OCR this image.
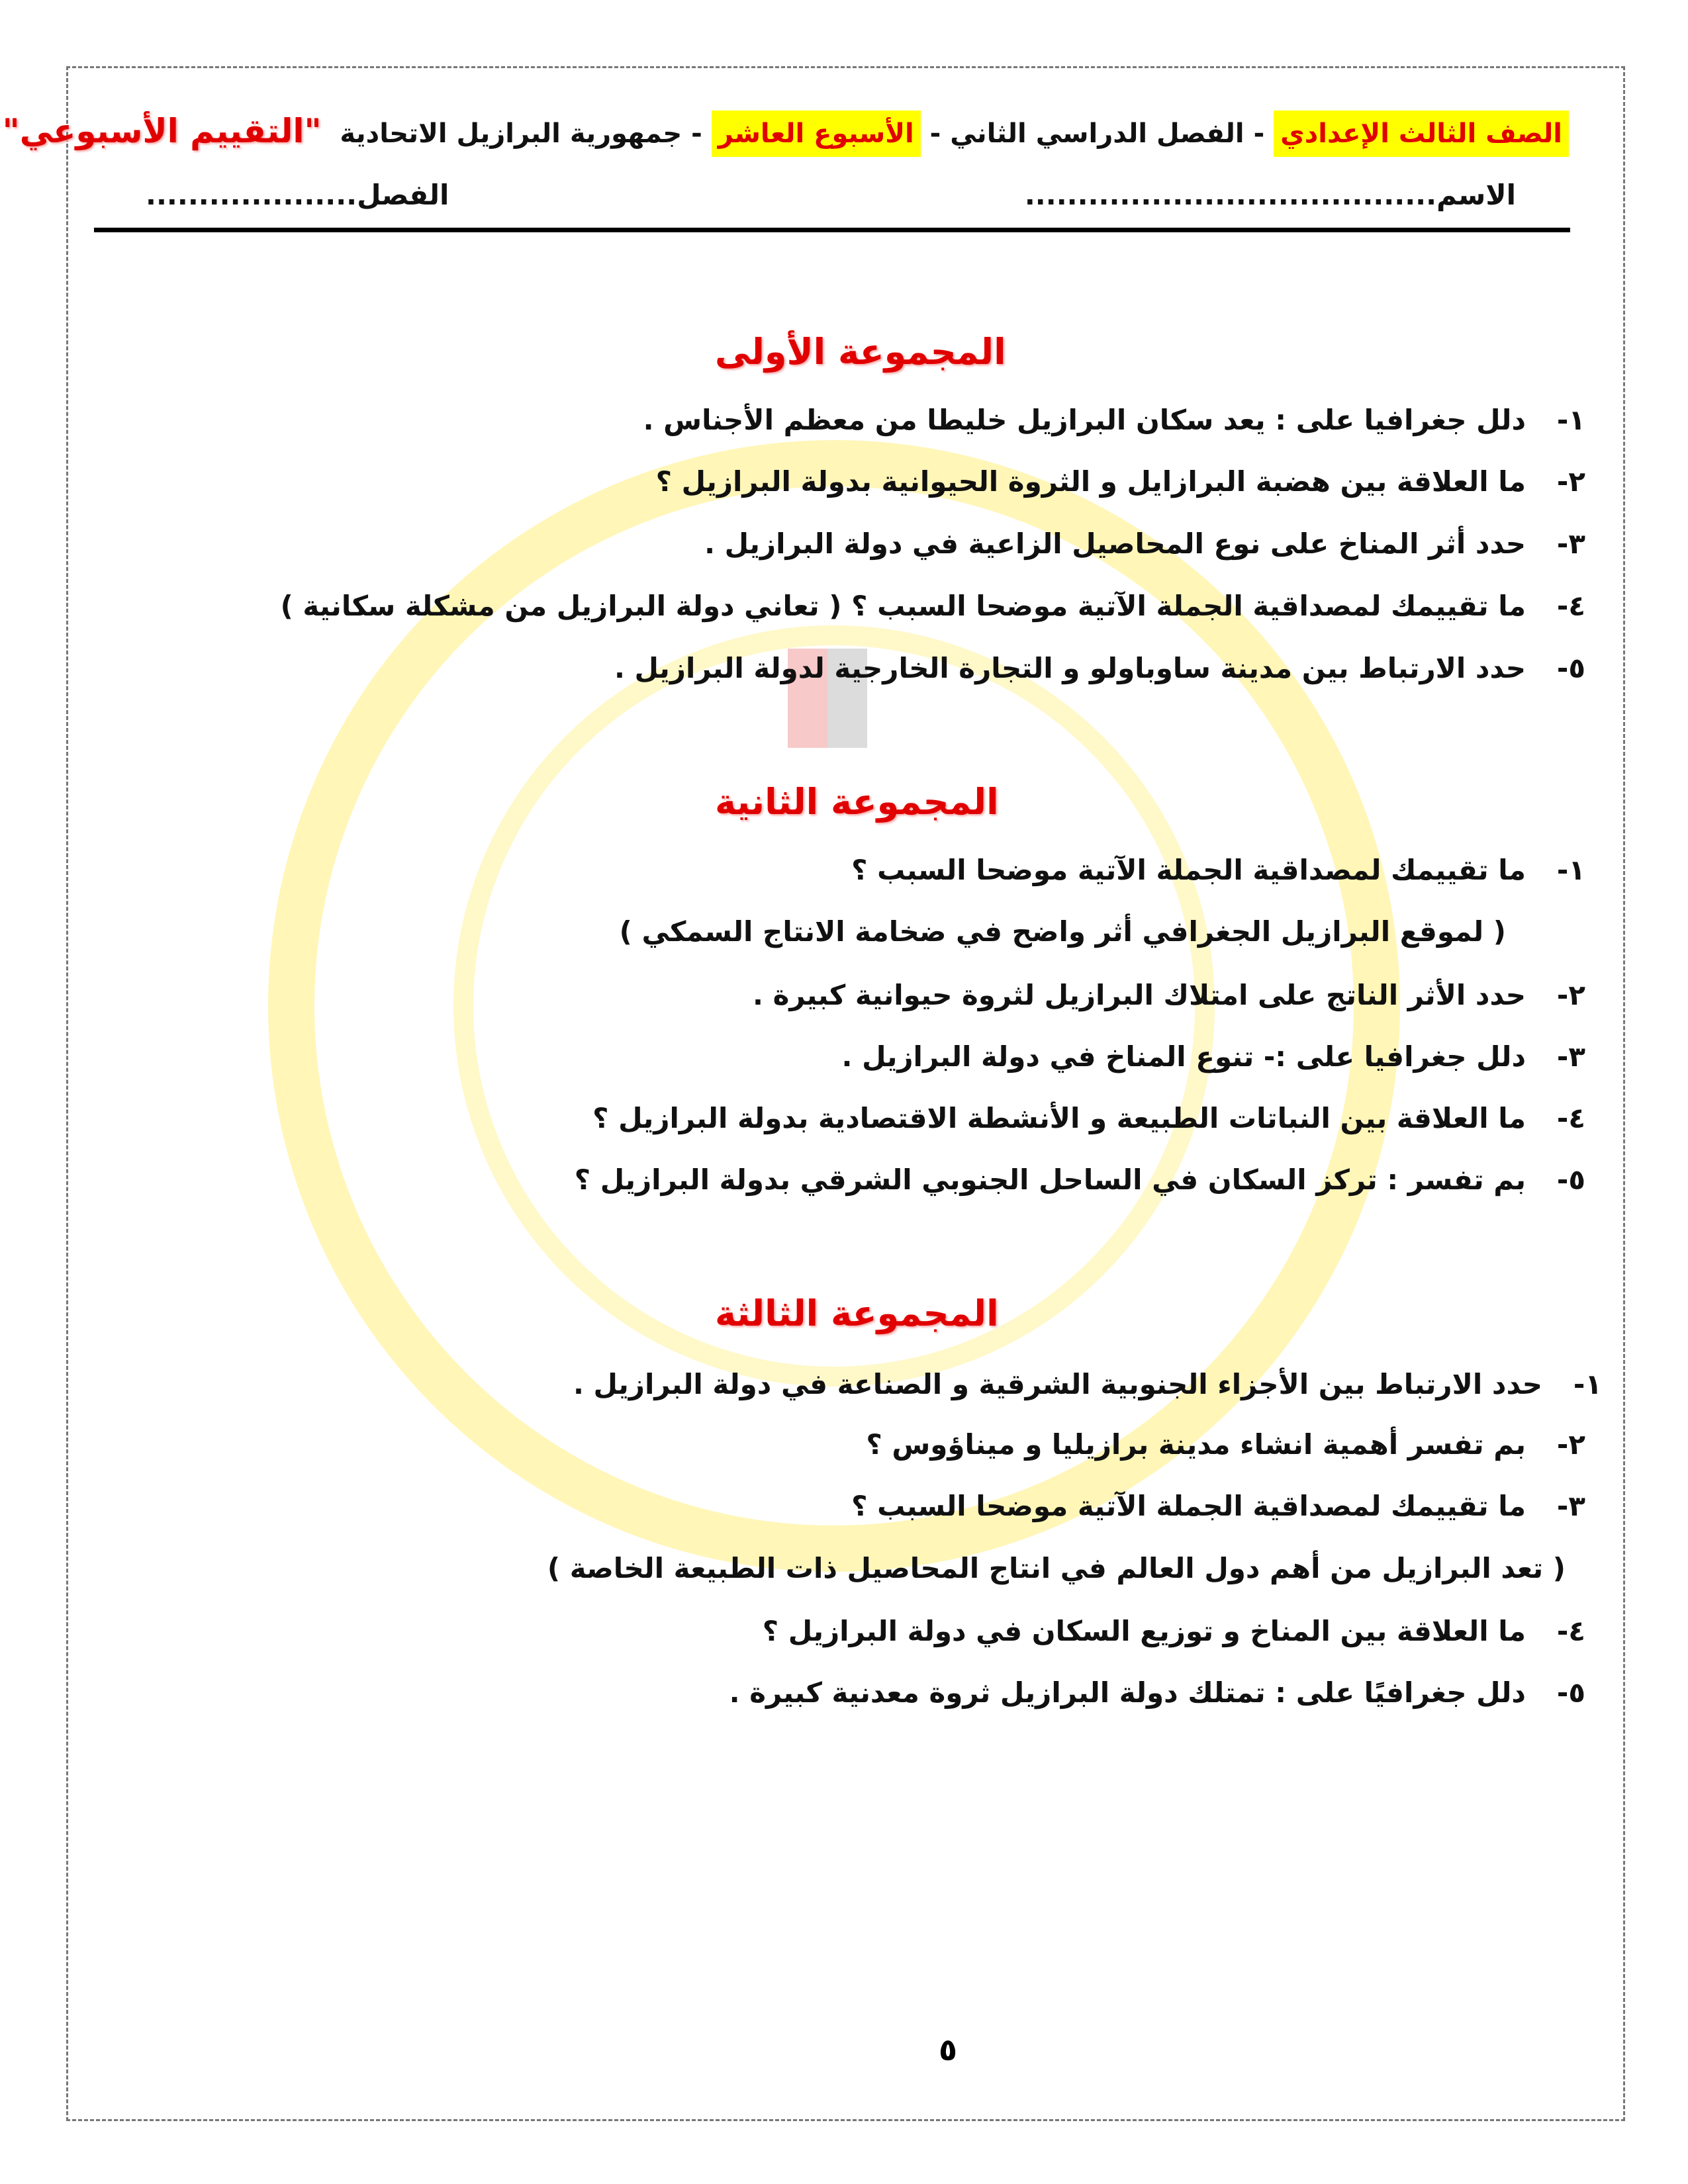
الصف الثالث الإعدادي - الفصل الدراسي الثاني - الأسبوع العاشر - جمهورية البرازيل الاتحادية  "التقييم الأسبوعي"
الاسم.......................................
الفصل....................
المجموعة الأولى
١-دلل جغرافيا على : يعد سكان البرازيل خليطا من معظم الأجناس .
٢-ما العلاقة بين هضبة البرازايل و الثروة الحيوانية بدولة البرازيل ؟
٣-حدد أثر المناخ على نوع المحاصيل الزاعية في دولة البرازيل .
٤-ما تقييمك لمصداقية الجملة الآتية موضحا السبب ؟ ( تعاني دولة البرازيل من مشكلة سكانية )
٥-حدد الارتباط بين مدينة ساوباولو و التجارة الخارجية لدولة البرازيل .
المجموعة الثانية
١-ما تقييمك لمصداقية الجملة الآتية موضحا السبب ؟
( لموقع البرازيل الجغرافي أثر واضح في ضخامة الانتاج السمكي )
٢-حدد الأثر الناتج على امتلاك البرازيل لثروة حيوانية كبيرة .
٣-دلل جغرافيا على :- تنوع المناخ في دولة البرازيل .
٤-ما العلاقة بين النباتات الطبيعة و الأنشطة الاقتصادية بدولة البرازيل ؟
٥-بم تفسر : تركز السكان في الساحل الجنوبي الشرقي بدولة البرازيل ؟
المجموعة الثالثة
١-حدد الارتباط بين الأجزاء الجنوبية الشرقية و الصناعة في دولة البرازيل .
٢-بم تفسر أهمية انشاء مدينة برازيليا و ميناؤوس ؟
٣-ما تقييمك لمصداقية الجملة الآتية موضحا السبب ؟
( تعد البرازيل من أهم دول العالم في انتاج المحاصيل ذات الطبيعة الخاصة )
٤-ما العلاقة بين المناخ و توزيع السكان في دولة البرازيل ؟
٥-دلل جغرافيًا على : تمتلك دولة البرازيل ثروة معدنية كبيرة .
٥
